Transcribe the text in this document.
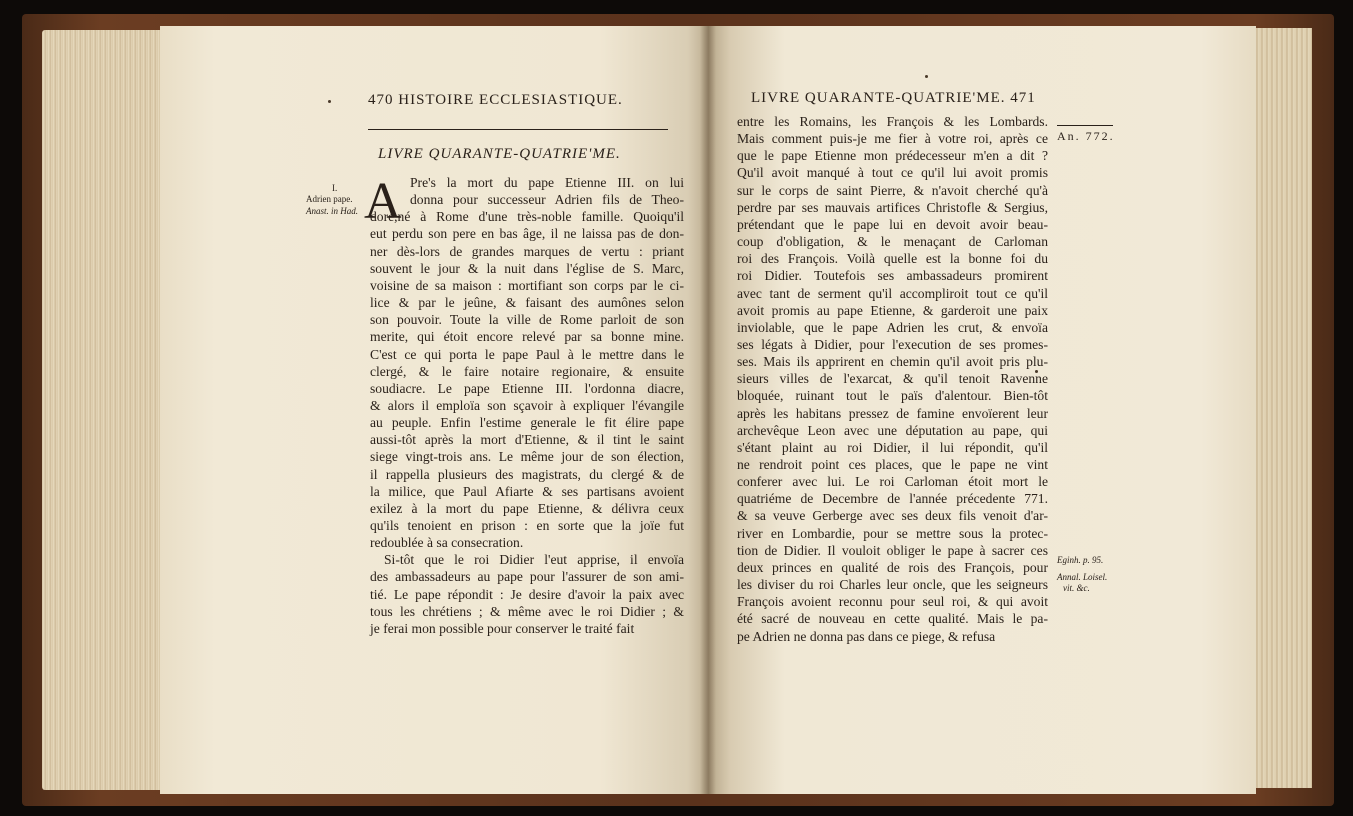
470 HISTOIRE ECCLESIASTIQUE.
LIVRE QUARANTE-QUATRIE'ME.
I.
Adrien pape.
Anast. in Had. A Pre's la mort du pape Etienne III. on lui
donna pour successeur Adrien fils de Theo-
dore,né à Rome d'une très-noble famille. Quoiqu'il
eut perdu son pere en bas âge, il ne laissa pas de don-
ner dès-lors de grandes marques de vertu : priant
souvent le jour & la nuit dans l'église de S. Marc,
voisine de sa maison : mortifiant son corps par le ci-
lice & par le jeûne, & faisant des aumônes selon
son pouvoir. Toute la ville de Rome parloit de son
merite, qui étoit encore relevé par sa bonne mine.
C'est ce qui porta le pape Paul à le mettre dans le
clergé, & le faire notaire regionaire, & ensuite
soudiacre. Le pape Etienne III. l'ordonna diacre,
& alors il emploïa son sçavoir à expliquer l'évangile
au peuple. Enfin l'estime generale le fit élire pape
aussi-tôt après la mort d'Etienne, & il tint le saint
siege vingt-trois ans. Le même jour de son élection,
il rappella plusieurs des magistrats, du clergé & de
la milice, que Paul Afiarte & ses partisans avoient
exilez à la mort du pape Etienne, & délivra ceux
qu'ils tenoient en prison : en sorte que la joïe fut
redoublée à sa consecration.
Si-tôt que le roi Didier l'eut apprise, il envoïa
des ambassadeurs au pape pour l'assurer de son ami-
tié. Le pape répondit : Je desire d'avoir la paix avec
tous les chrétiens ; & même avec le roi Didier ; &
je ferai mon possible pour conserver le traité fait
LIVRE QUARANTE-QUATRIE'ME. 471
An. 772.
Eginh. p. 95.
Annal. Loisel.
vit. &c.
entre les Romains, les François & les Lombards.
Mais comment puis-je me fier à votre roi, après ce
que le pape Etienne mon prédecesseur m'en a dit ?
Qu'il avoit manqué à tout ce qu'il lui avoit promis
sur le corps de saint Pierre, & n'avoit cherché qu'à
perdre par ses mauvais artifices Christofle & Sergius,
prétendant que le pape lui en devoit avoir beau-
coup d'obligation, & le menaçant de Carloman
roi des François. Voilà quelle est la bonne foi du
roi Didier. Toutefois ses ambassadeurs promirent
avec tant de serment qu'il accompliroit tout ce qu'il
avoit promis au pape Etienne, & garderoit une paix
inviolable, que le pape Adrien les crut, & envoïa
ses légats à Didier, pour l'execution de ses promes-
ses. Mais ils apprirent en chemin qu'il avoit pris plu-
sieurs villes de l'exarcat, & qu'il tenoit Ravenne
bloquée, ruinant tout le païs d'alentour. Bien-tôt
après les habitans pressez de famine envoïerent leur
archevêque Leon avec une députation au pape, qui
s'étant plaint au roi Didier, il lui répondit, qu'il
ne rendroit point ces places, que le pape ne vint
conferer avec lui. Le roi Carloman étoit mort le
quatriéme de Decembre de l'année précedente 771.
& sa veuve Gerberge avec ses deux fils venoit d'ar-
river en Lombardie, pour se mettre sous la protec-
tion de Didier. Il vouloit obliger le pape à sacrer ces
deux princes en qualité de rois des François, pour
les diviser du roi Charles leur oncle, que les seigneurs
François avoient reconnu pour seul roi, & qui avoit
été sacré de nouveau en cette qualité. Mais le pa-
pe Adrien ne donna pas dans ce piege, & refusa
